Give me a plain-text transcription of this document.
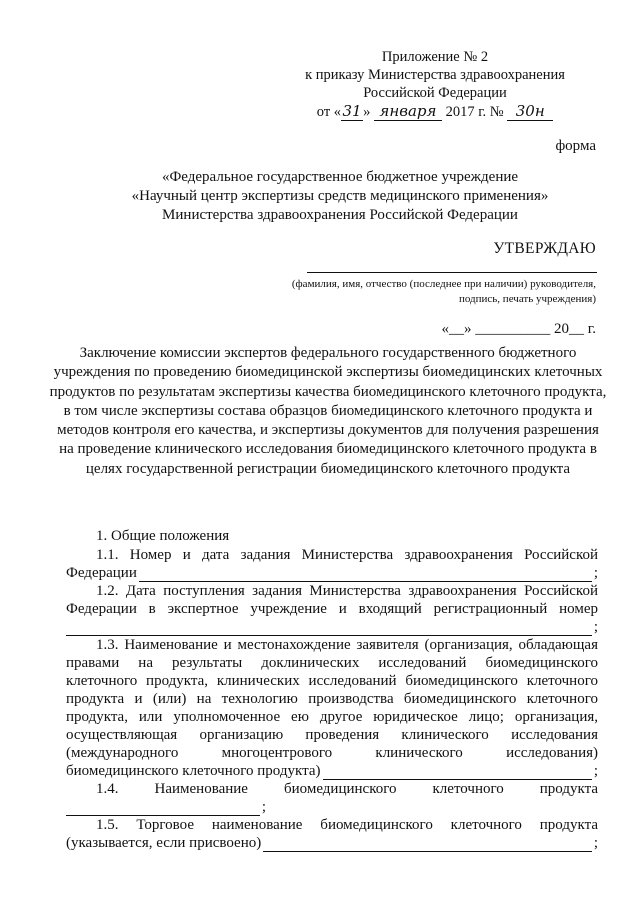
Приложение № 2
к приказу Министерства здравоохранения
Российской Федерации
от «31» января 2017 г. № 30н
форма
«Федеральное государственное бюджетное учреждение
«Научный центр экспертизы средств медицинского применения»
Министерства здравоохранения Российской Федерации
УТВЕРЖДАЮ
(фамилия, имя, отчество (последнее при наличии) руководителя,
подпись, печать учреждения)
«__» __________ 20__ г.
Заключение комиссии экспертов федерального государственного бюджетного учреждения по проведению биомедицинской экспертизы биомедицинских клеточных продуктов по результатам экспертизы качества биомедицинского клеточного продукта, в том числе экспертизы состава образцов биомедицинского клеточного продукта и методов контроля его качества, и экспертизы документов для получения разрешения на проведение клинического исследования биомедицинского клеточного продукта в целях государственной регистрации биомедицинского клеточного продукта
1. Общие положения
1.1. Номер и дата задания Министерства здравоохранения Российской
Федерации	;
1.2. Дата поступления задания Министерства здравоохранения Российской
Федерации в экспертное учреждение и входящий регистрационный номер
;
1.3. Наименование и местонахождение заявителя (организация, обладающая
правами на результаты доклинических исследований биомедицинского
клеточного продукта, клинических исследований биомедицинского клеточного
продукта и (или) на технологию производства биомедицинского клеточного
продукта, или уполномоченное ею другое юридическое лицо; организация,
осуществляющая организацию проведения клинического исследования
(международного многоцентрового клинического исследования)
биомедицинского клеточного продукта)	;
1.4. Наименование биомедицинского клеточного продукта
;
1.5. Торговое наименование биомедицинского клеточного продукта
(указывается, если присвоено)	;
